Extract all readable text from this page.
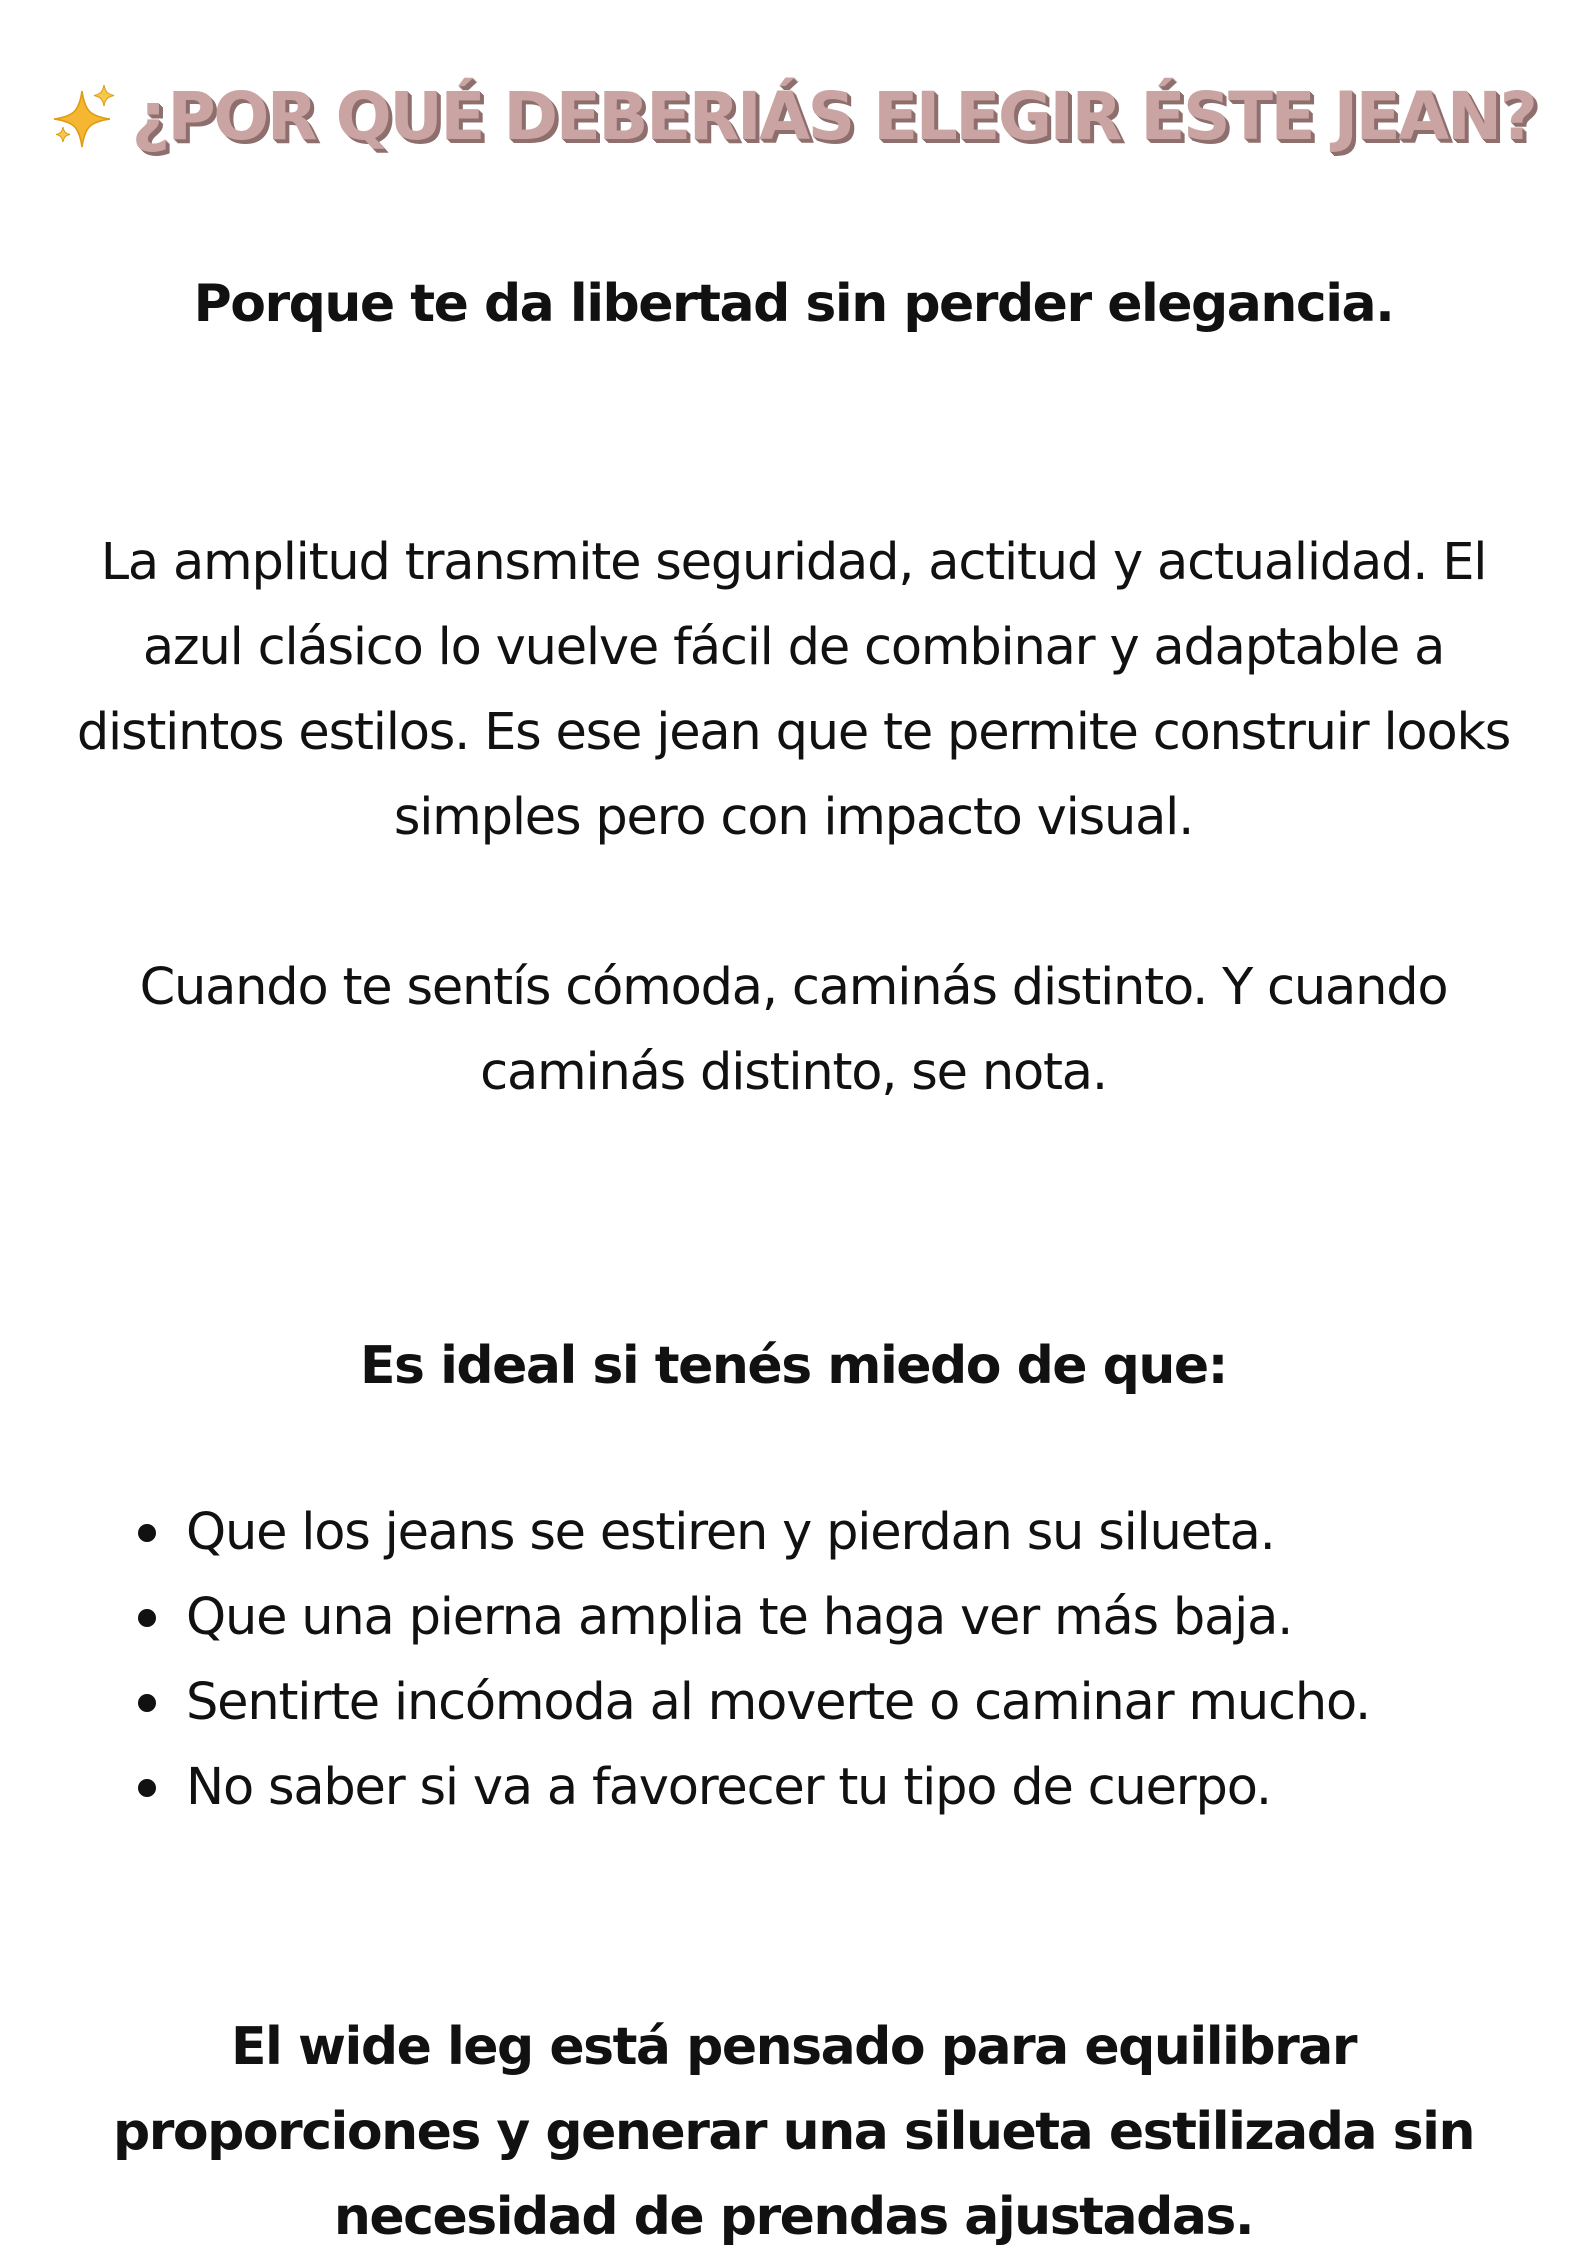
¿POR QUÉ DEBERIÁS ELEGIR ÉSTE JEAN?
Porque te da libertad sin perder elegancia.
La amplitud transmite seguridad, actitud y actualidad. El azul clásico lo vuelve fácil de combinar y adaptable a distintos estilos. Es ese jean que te permite construir looks simples pero con impacto visual.
Cuando te sentís cómoda, caminás distinto. Y cuando caminás distinto, se nota.
Es ideal si tenés miedo de que:
Que los jeans se estiren y pierdan su silueta.
Que una pierna amplia te haga ver más baja.
Sentirte incómoda al moverte o caminar mucho.
No saber si va a favorecer tu tipo de cuerpo.
El wide leg está pensado para equilibrar proporciones y generar una silueta estilizada sin necesidad de prendas ajustadas.
